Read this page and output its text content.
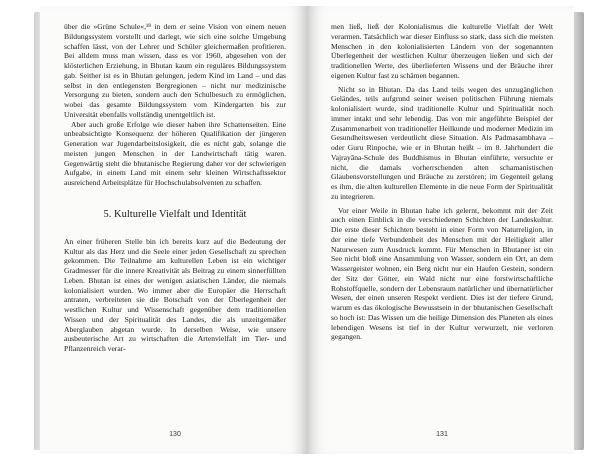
über die »Grüne Schule«,¹⁸ in dem er seine Vision von einem neuen Bildungssystem vorstellt und darlegt, wie sich eine solche Umgebung schaffen lässt, von der Lehrer und Schüler gleichermaßen profitieren. Bei alldem muss man wissen, dass es vor 1960, abgesehen von der klösterlichen Erziehung, in Bhutan kaum ein reguläres Bildungssystem gab. Seither ist es in Bhutan gelungen, jedem Kind im Land – und das selbst in den entlegensten Bergregionen – nicht nur medizinische Versorgung zu bieten, sondern auch den Schulbesuch zu ermöglichen, wobei das gesamte Bildungssystem vom Kindergarten bis zur Universität ebenfalls vollständig unentgeltlich ist.

Aber auch große Erfolge wie dieser haben ihre Schattenseiten. Eine unbeabsichtigte Konsequenz der höheren Qualifikation der jüngeren Generation war Jugendarbeitslosigkeit, die es nicht gab, solange die meisten jungen Menschen in der Landwirtschaft tätig waren. Gegenwärtig steht die bhutanische Regierung daher vor der schwierigen Aufgabe, in einem Land mit einem sehr kleinen Wirtschaftssektor ausreichend Arbeitsplätze für Hochschulabsolventen zu schaffen.

5. Kulturelle Vielfalt und Identität

An einer früheren Stelle bin ich bereits kurz auf die Bedeutung der Kultur als das Herz und die Seele einer jeden Gesellschaft zu sprechen gekommen. Die Teilnahme am kulturellen Leben ist ein wichtiger Gradmesser für die innere Kreativität als Beitrag zu einem sinnerfüllten Leben. Bhutan ist eines der wenigen asiatischen Länder, die niemals kolonialisiert wurden. Wo immer aber die Europäer die Herrschaft antraten, verbreiteten sie die Botschaft von der Überlegenheit der westlichen Kultur und Wissenschaft gegenüber dem traditionellen Wissen und der Spiritualität des Landes, die als unzeitgemäßer Aberglauben abgetan wurde. In derselben Weise, wie unsere ausbeuterische Art zu wirtschaften die Artenvielfalt im Tier- und Pflanzenreich verar-

130

men ließ, ließ der Kolonialismus die kulturelle Vielfalt der Welt verarmen. Tatsächlich war dieser Einfluss so stark, dass sich die meisten Menschen in den kolonialisierten Ländern von der sogenannten Überlegenheit der westlichen Kultur überzeugen ließen und sich der traditionellen Werte, des überlieferten Wissens und der Bräuche ihrer eigenen Kultur fast zu schämen begannen.

Nicht so in Bhutan. Da das Land teils wegen des unzugänglichen Geländes, teils aufgrund seiner weisen politischen Führung niemals kolonialisiert wurde, sind traditionelle Kultur und Spiritualität noch immer intakt und sehr lebendig. Das von mir angeführte Beispiel der Zusammenarbeit von traditioneller Heilkunde und moderner Medizin im Gesundheitswesen verdeutlicht diese Situation. Als Padmasambhava – oder Guru Rinpoche, wie er in Bhutan heißt – im 8. Jahrhundert die Vajrayāna-Schule des Buddhismus in Bhutan einführte, versuchte er nicht, die damals vorherrschenden alten schamanistischen Glaubensvorstellungen und Bräuche zu zerstören; im Gegenteil gelang es ihm, die alten kulturellen Elemente in die neue Form der Spiritualität zu integrieren.

Vor einer Weile in Bhutan habe ich gelernt, bekommt mit der Zeit auch einen Einblick in die verschiedenen Schichten der Landeskultur. Die erste dieser Schichten besteht in einer Form von Naturreligion, in der eine tiefe Verbundenheit des Menschen mit der Heiligkeit aller Naturwesen zum Ausdruck kommt. Für Menschen in Bhutaner ist ein See nicht bloß eine Ansammlung von Wasser, sondern ein Ort, an dem Wassergeister wohnen, ein Berg nicht nur ein Haufen Gestein, sondern der Sitz der Götter, ein Wald nicht nur eine forstwirtschaftliche Rohstoffquelle, sondern der Lebensraum natürlicher und übernatürlicher Wesen, der einen unseren Respekt verdient. Dies ist der tiefere Grund, warum es das ökologische Bewusstsein in der bhutanischen Gesellschaft so hoch ist: Das Wissen um die heilige Dimension des Planeten als eines lebendigen Wesens ist tief in der Kultur verwurzelt, nie verloren gegangen.

131
